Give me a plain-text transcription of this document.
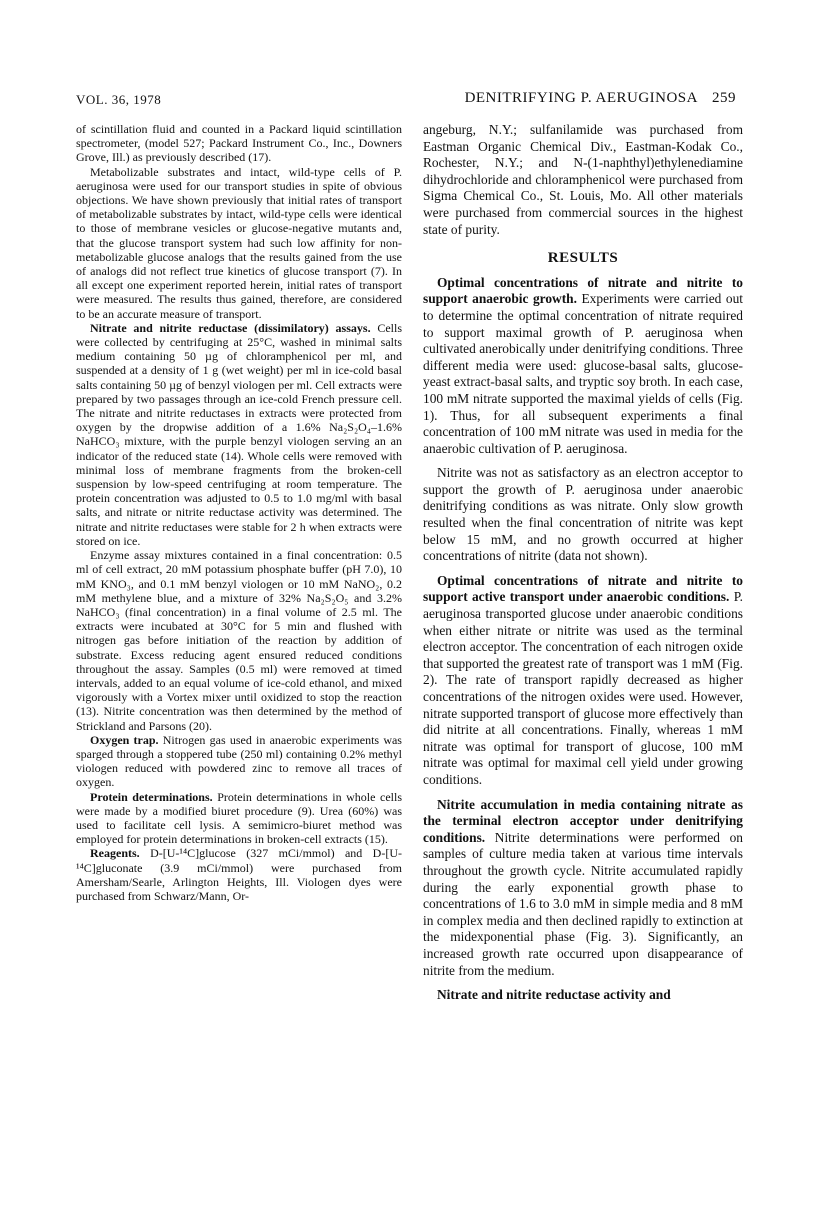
VOL. 36, 1978	DENITRIFYING P. AERUGINOSA 259

of scintillation fluid and counted in a Packard liquid scintillation spectrometer, (model 527; Packard Instrument Co., Inc., Downers Grove, Ill.) as previously described (17).

Metabolizable substrates and intact, wild-type cells of P. aeruginosa were used for our transport studies in spite of obvious objections. We have shown previously that initial rates of transport of metabolizable substrates by intact, wild-type cells were identical to those of membrane vesicles or glucose-negative mutants and, that the glucose transport system had such low affinity for non-metabolizable glucose analogs that the results gained from the use of analogs did not reflect true kinetics of glucose transport (7). In all except one experiment reported herein, initial rates of transport were measured. The results thus gained, therefore, are considered to be an accurate measure of transport.

Nitrate and nitrite reductase (dissimilatory) assays. Cells were collected by centrifuging at 25°C, washed in minimal salts medium containing 50 µg of chloramphenicol per ml, and suspended at a density of 1 g (wet weight) per ml in ice-cold basal salts containing 50 µg of benzyl viologen per ml. Cell extracts were prepared by two passages through an ice-cold French pressure cell. The nitrate and nitrite reductases in extracts were protected from oxygen by the dropwise addition of a 1.6% Na₂S₂O₄–1.6% NaHCO₃ mixture, with the purple benzyl viologen serving an an indicator of the reduced state (14). Whole cells were removed with minimal loss of membrane fragments from the broken-cell suspension by low-speed centrifuging at room temperature. The protein concentration was adjusted to 0.5 to 1.0 mg/ml with basal salts, and nitrate or nitrite reductase activity was determined. The nitrate and nitrite reductases were stable for 2 h when extracts were stored on ice.

Enzyme assay mixtures contained in a final concentration: 0.5 ml of cell extract, 20 mM potassium phosphate buffer (pH 7.0), 10 mM KNO₃, and 0.1 mM benzyl viologen or 10 mM NaNO₂, 0.2 mM methylene blue, and a mixture of 32% Na₂S₂O₅ and 3.2% NaHCO₃ (final concentration) in a final volume of 2.5 ml. The extracts were incubated at 30°C for 5 min and flushed with nitrogen gas before initiation of the reaction by addition of substrate. Excess reducing agent ensured reduced conditions throughout the assay. Samples (0.5 ml) were removed at timed intervals, added to an equal volume of ice-cold ethanol, and mixed vigorously with a Vortex mixer until oxidized to stop the reaction (13). Nitrite concentration was then determined by the method of Strickland and Parsons (20).

Oxygen trap. Nitrogen gas used in anaerobic experiments was sparged through a stoppered tube (250 ml) containing 0.2% methyl viologen reduced with powdered zinc to remove all traces of oxygen.

Protein determinations. Protein determinations in whole cells were made by a modified biuret procedure (9). Urea (60%) was used to facilitate cell lysis. A semimicro-biuret method was employed for protein determinations in broken-cell extracts (15).

Reagents. D-[U-¹⁴C]glucose (327 mCi/mmol) and D-[U-¹⁴C]gluconate (3.9 mCi/mmol) were purchased from Amersham/Searle, Arlington Heights, Ill. Viologen dyes were purchased from Schwarz/Mann, Or-

angeburg, N.Y.; sulfanilamide was purchased from Eastman Organic Chemical Div., Eastman-Kodak Co., Rochester, N.Y.; and N-(1-naphthyl)ethylenediamine dihydrochloride and chloramphenicol were purchased from Sigma Chemical Co., St. Louis, Mo. All other materials were purchased from commercial sources in the highest state of purity.

RESULTS

Optimal concentrations of nitrate and nitrite to support anaerobic growth. Experiments were carried out to determine the optimal concentration of nitrate required to support maximal growth of P. aeruginosa when cultivated anerobically under denitrifying conditions. Three different media were used: glucose-basal salts, glucose-yeast extract-basal salts, and tryptic soy broth. In each case, 100 mM nitrate supported the maximal yields of cells (Fig. 1). Thus, for all subsequent experiments a final concentration of 100 mM nitrate was used in media for the anaerobic cultivation of P. aeruginosa.

Nitrite was not as satisfactory as an electron acceptor to support the growth of P. aeruginosa under anaerobic denitrifying conditions as was nitrate. Only slow growth resulted when the final concentration of nitrite was kept below 15 mM, and no growth occurred at higher concentrations of nitrite (data not shown).

Optimal concentrations of nitrate and nitrite to support active transport under anaerobic conditions. P. aeruginosa transported glucose under anaerobic conditions when either nitrate or nitrite was used as the terminal electron acceptor. The concentration of each nitrogen oxide that supported the greatest rate of transport was 1 mM (Fig. 2). The rate of transport rapidly decreased as higher concentrations of the nitrogen oxides were used. However, nitrate supported transport of glucose more effectively than did nitrite at all concentrations. Finally, whereas 1 mM nitrate was optimal for transport of glucose, 100 mM nitrate was optimal for maximal cell yield under growing conditions.

Nitrite accumulation in media containing nitrate as the terminal electron acceptor under denitrifying conditions. Nitrite determinations were performed on samples of culture media taken at various time intervals throughout the growth cycle. Nitrite accumulated rapidly during the early exponential growth phase to concentrations of 1.6 to 3.0 mM in simple media and 8 mM in complex media and then declined rapidly to extinction at the midexponential phase (Fig. 3). Significantly, an increased growth rate occurred upon disappearance of nitrite from the medium.

Nitrate and nitrite reductase activity and
